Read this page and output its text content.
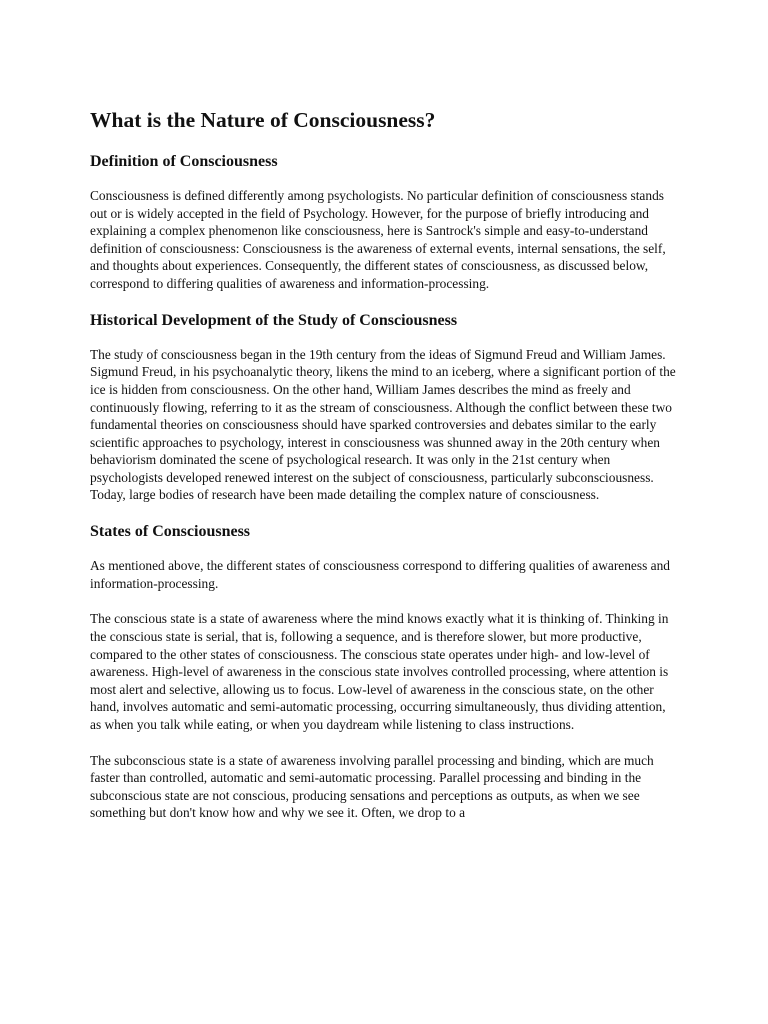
What is the Nature of Consciousness?
Definition of Consciousness

Consciousness is defined differently among psychologists. No particular definition of consciousness stands out or is widely accepted in the field of Psychology. However, for the purpose of briefly introducing and explaining a complex phenomenon like consciousness, here is Santrock's simple and easy-to-understand definition of consciousness: Consciousness is the awareness of external events, internal sensations, the self, and thoughts about experiences. Consequently, the different states of consciousness, as discussed below, correspond to differing qualities of awareness and information-processing.

Historical Development of the Study of Consciousness

The study of consciousness began in the 19th century from the ideas of Sigmund Freud and William James. Sigmund Freud, in his psychoanalytic theory, likens the mind to an iceberg, where a significant portion of the ice is hidden from consciousness. On the other hand, William James describes the mind as freely and continuously flowing, referring to it as the stream of consciousness. Although the conflict between these two fundamental theories on consciousness should have sparked controversies and debates similar to the early scientific approaches to psychology, interest in consciousness was shunned away in the 20th century when behaviorism dominated the scene of psychological research. It was only in the 21st century when psychologists developed renewed interest on the subject of consciousness, particularly subconsciousness. Today, large bodies of research have been made detailing the complex nature of consciousness.

States of Consciousness

As mentioned above, the different states of consciousness correspond to differing qualities of awareness and information-processing.

The conscious state is a state of awareness where the mind knows exactly what it is thinking of. Thinking in the conscious state is serial, that is, following a sequence, and is therefore slower, but more productive, compared to the other states of consciousness. The conscious state operates under high- and low-level of awareness. High-level of awareness in the conscious state involves controlled processing, where attention is most alert and selective, allowing us to focus. Low-level of awareness in the conscious state, on the other hand, involves automatic and semi-automatic processing, occurring simultaneously, thus dividing attention, as when you talk while eating, or when you daydream while listening to class instructions.

The subconscious state is a state of awareness involving parallel processing and binding, which are much faster than controlled, automatic and semi-automatic processing. Parallel processing and binding in the subconscious state are not conscious, producing sensations and perceptions as outputs, as when we see something but don't know how and why we see it. Often, we drop to a
